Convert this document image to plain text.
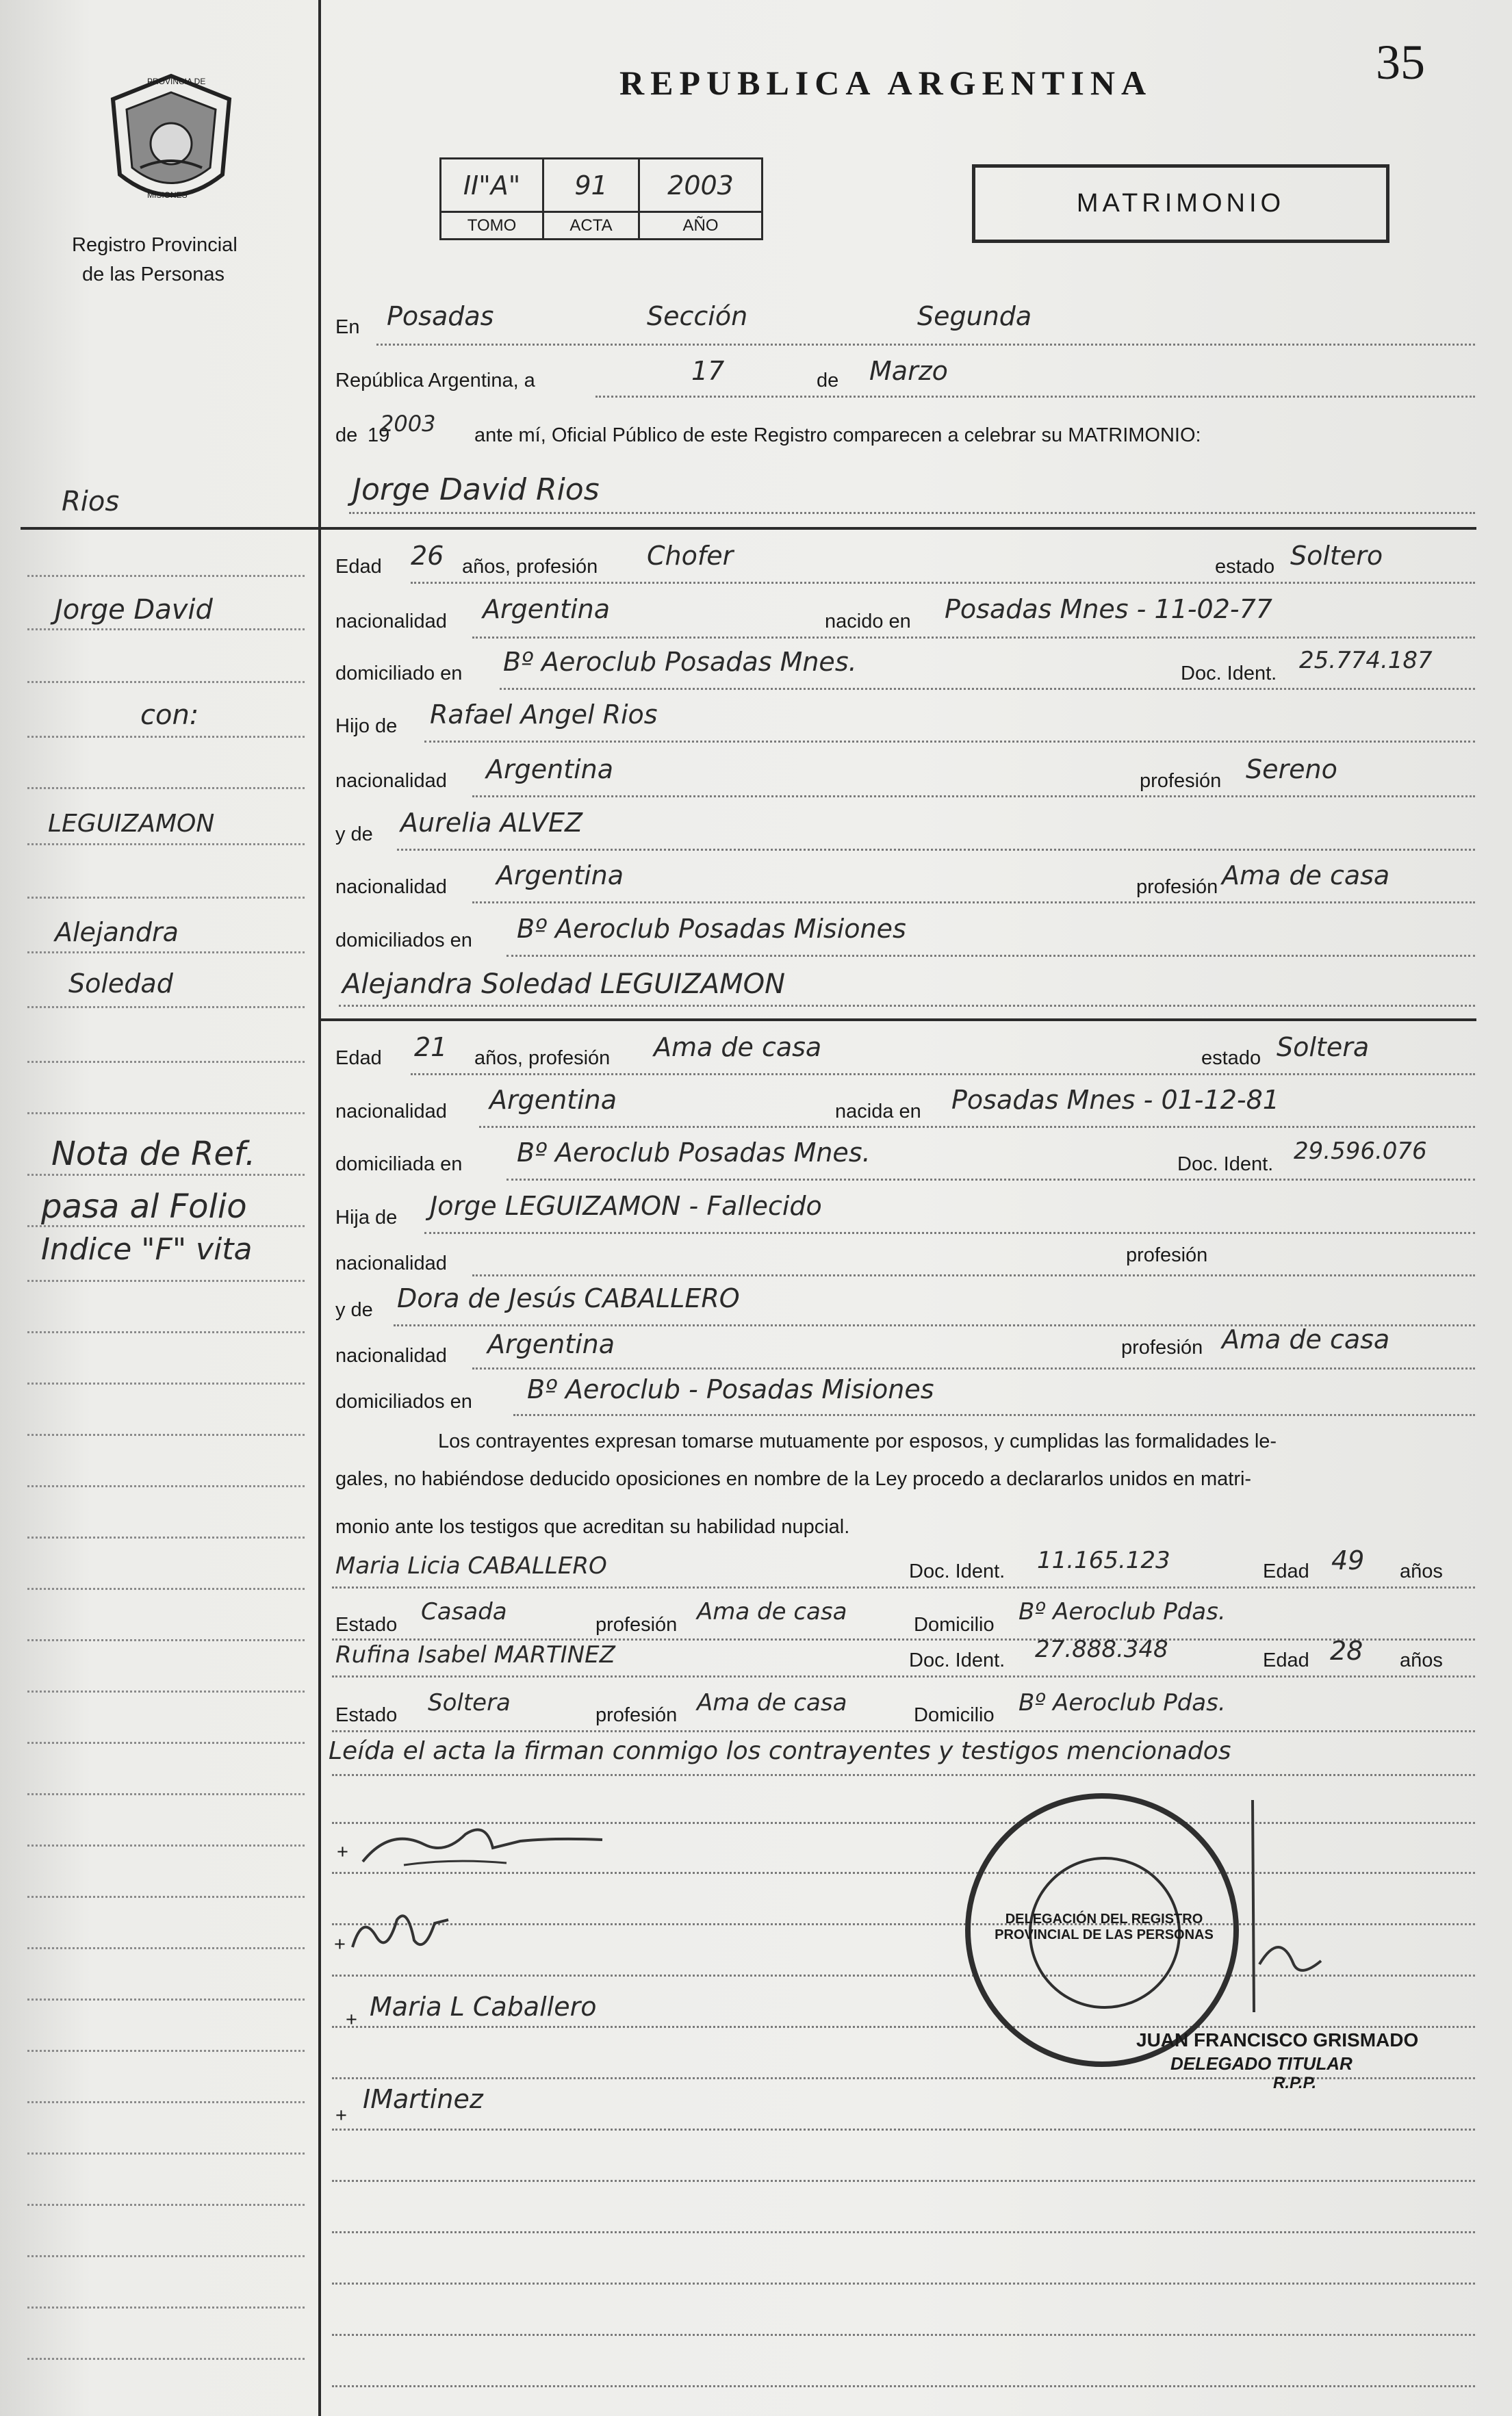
PROVINCIA DE
MISIONES
Registro Provincial
de las Personas
REPUBLICA ARGENTINA	35
II"A"	91	2003
TOMO	ACTA	AÑO
MATRIMONIO
En Posadas	Sección	Segunda
República Argentina, a	17	de Marzo
de 19
2003 ante mí, Oficial Público de este Registro comparecen a celebrar su MATRIMONIO:
Jorge David Rios
Edad 26 años, profesión Chofer	estado Soltero
nacionalidad Argentina	nacido en Posadas Mnes - 11-02-77
domiciliado en Bº Aeroclub Posadas Mnes.	Doc. Ident. 25.774.187
Hijo de Rafael Angel Rios
nacionalidad Argentina	profesión Sereno
y de Aurelia ALVEZ
nacionalidad Argentina	profesión Ama de casa
domiciliados en Bº Aeroclub Posadas Misiones
Alejandra Soledad LEGUIZAMON
Edad 21 años, profesión Ama de casa	estado Soltera
nacionalidad Argentina	nacida en Posadas Mnes - 01-12-81
domiciliada en Bº Aeroclub Posadas Mnes.	Doc. Ident. 29.596.076
Hija de Jorge LEGUIZAMON - Fallecido
nacionalidad	profesión
y de Dora de Jesús CABALLERO
nacionalidad Argentina	profesión Ama de casa
domiciliados en Bº Aeroclub - Posadas Misiones
Los contrayentes expresan tomarse mutuamente por esposos, y cumplidas las formalidades le-
gales, no habiéndose deducido oposiciones en nombre de la Ley procedo a declararlos unidos en matri-
monio ante los testigos que acreditan su habilidad nupcial.
Maria Licia CABALLERO	Doc. Ident. 11.165.123	Edad 49 años
Estado Casada	profesión Ama de casa	Domicilio Bº Aeroclub Pdas.
Rufina Isabel MARTINEZ	Doc. Ident. 27.888.348	Edad 28 años
Estado Soltera	profesión Ama de casa	Domicilio Bº Aeroclub Pdas.
Leída el acta la firman conmigo los contrayentes y testigos mencionados
+
+
+ Maria L Caballero
+
IMartinez
DELEGACIÓN DEL REGISTRO PROVINCIAL DE LAS PERSONAS
JUAN FRANCISCO GRISMADO
DELEGADO TITULAR
R.P.P.
Rios
Jorge David
con:
LEGUIZAMON
Alejandra
Soledad
Nota de Ref.
pasa al Folio
Indice "F" vita
